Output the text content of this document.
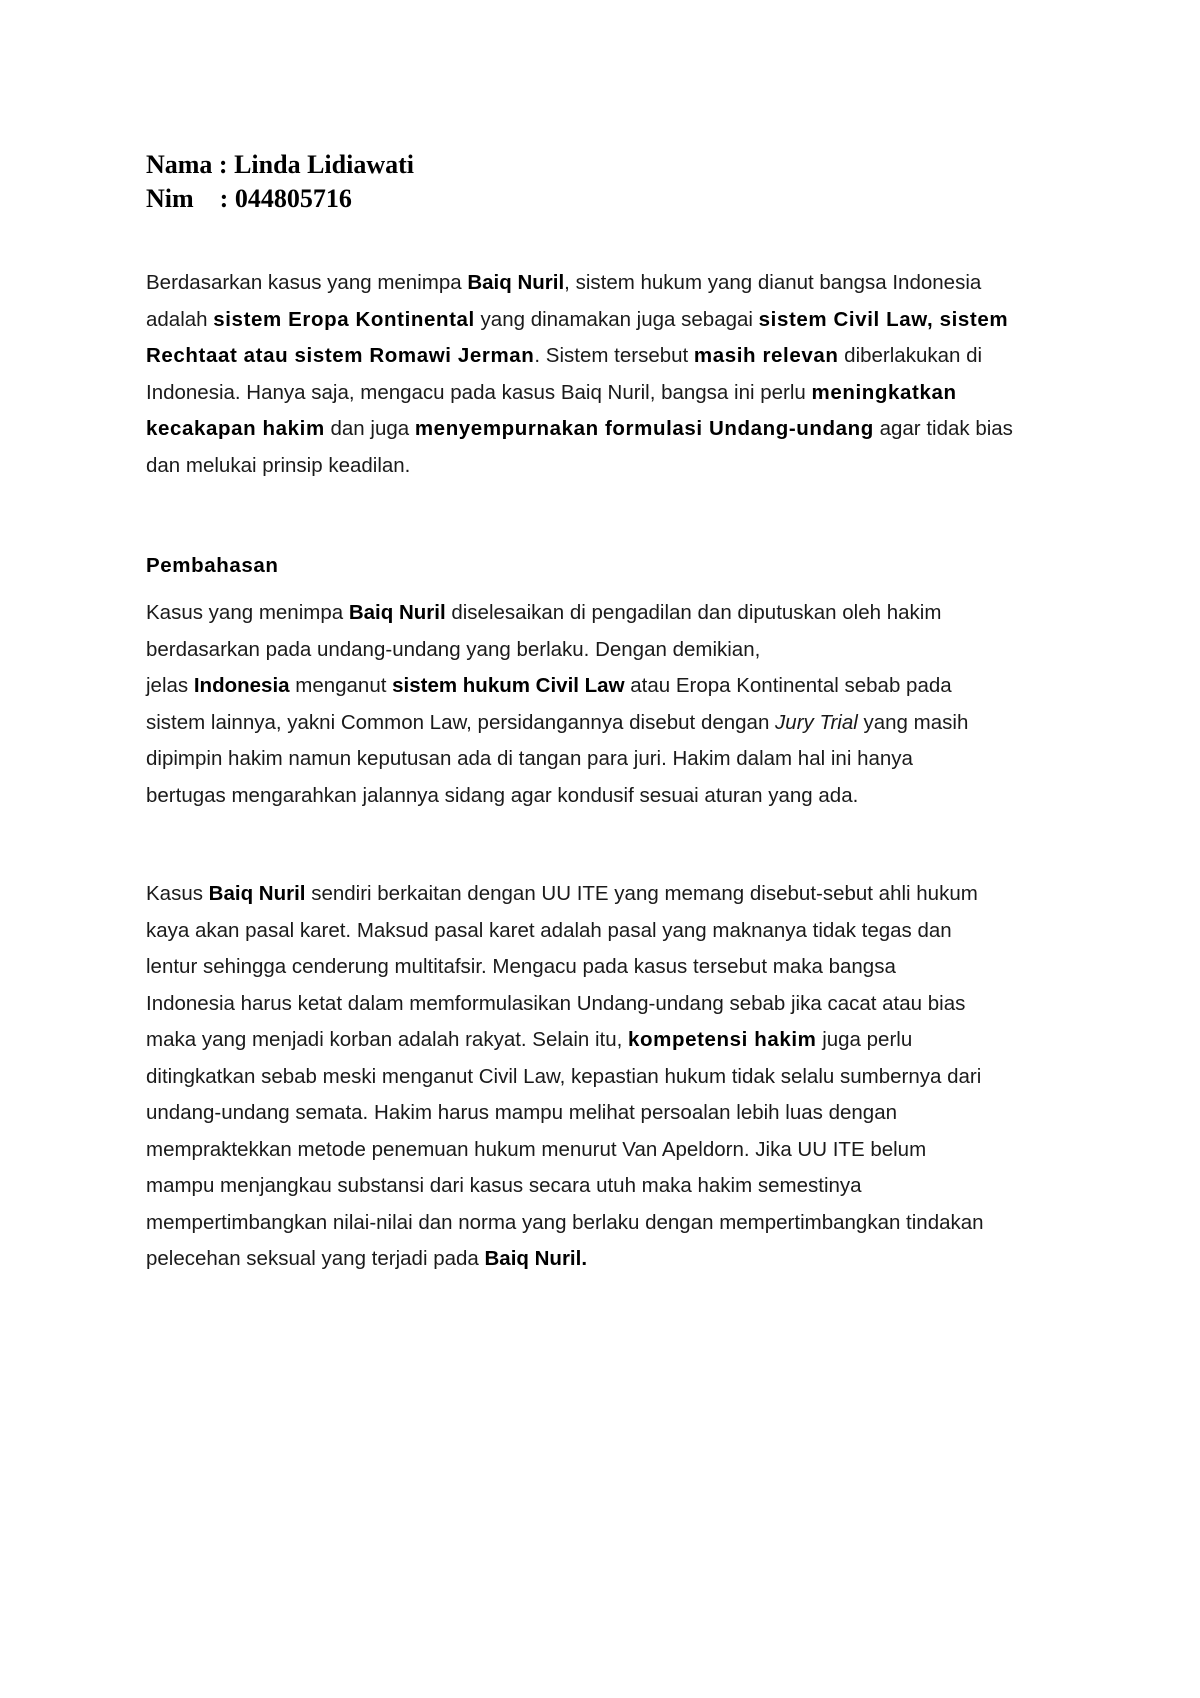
Nama : Linda Lidiawati
Nim    : 044805716
Berdasarkan kasus yang menimpa Baiq Nuril, sistem hukum yang dianut bangsa Indonesia
adalah sistem Eropa Kontinental yang dinamakan juga sebagai sistem Civil Law, sistem
Rechtaat atau sistem Romawi Jerman. Sistem tersebut masih relevan diberlakukan di
Indonesia. Hanya saja, mengacu pada kasus Baiq Nuril, bangsa ini perlu meningkatkan
kecakapan hakim dan juga menyempurnakan formulasi Undang-undang agar tidak bias
dan melukai prinsip keadilan.
Pembahasan
Kasus yang menimpa Baiq Nuril diselesaikan di pengadilan dan diputuskan oleh hakim
berdasarkan pada undang-undang yang berlaku. Dengan demikian,
jelas Indonesia menganut sistem hukum Civil Law atau Eropa Kontinental sebab pada
sistem lainnya, yakni Common Law, persidangannya disebut dengan Jury Trial yang masih
dipimpin hakim namun keputusan ada di tangan para juri. Hakim dalam hal ini hanya
bertugas mengarahkan jalannya sidang agar kondusif sesuai aturan yang ada.
Kasus Baiq Nuril sendiri berkaitan dengan UU ITE yang memang disebut-sebut ahli hukum
kaya akan pasal karet. Maksud pasal karet adalah pasal yang maknanya tidak tegas dan
lentur sehingga cenderung multitafsir. Mengacu pada kasus tersebut maka bangsa
Indonesia harus ketat dalam memformulasikan Undang-undang sebab jika cacat atau bias
maka yang menjadi korban adalah rakyat. Selain itu, kompetensi hakim juga perlu
ditingkatkan sebab meski menganut Civil Law, kepastian hukum tidak selalu sumbernya dari
undang-undang semata. Hakim harus mampu melihat persoalan lebih luas dengan
mempraktekkan metode penemuan hukum menurut Van Apeldorn. Jika UU ITE belum
mampu menjangkau substansi dari kasus secara utuh maka hakim semestinya
mempertimbangkan nilai-nilai dan norma yang berlaku dengan mempertimbangkan tindakan
pelecehan seksual yang terjadi pada Baiq Nuril.
